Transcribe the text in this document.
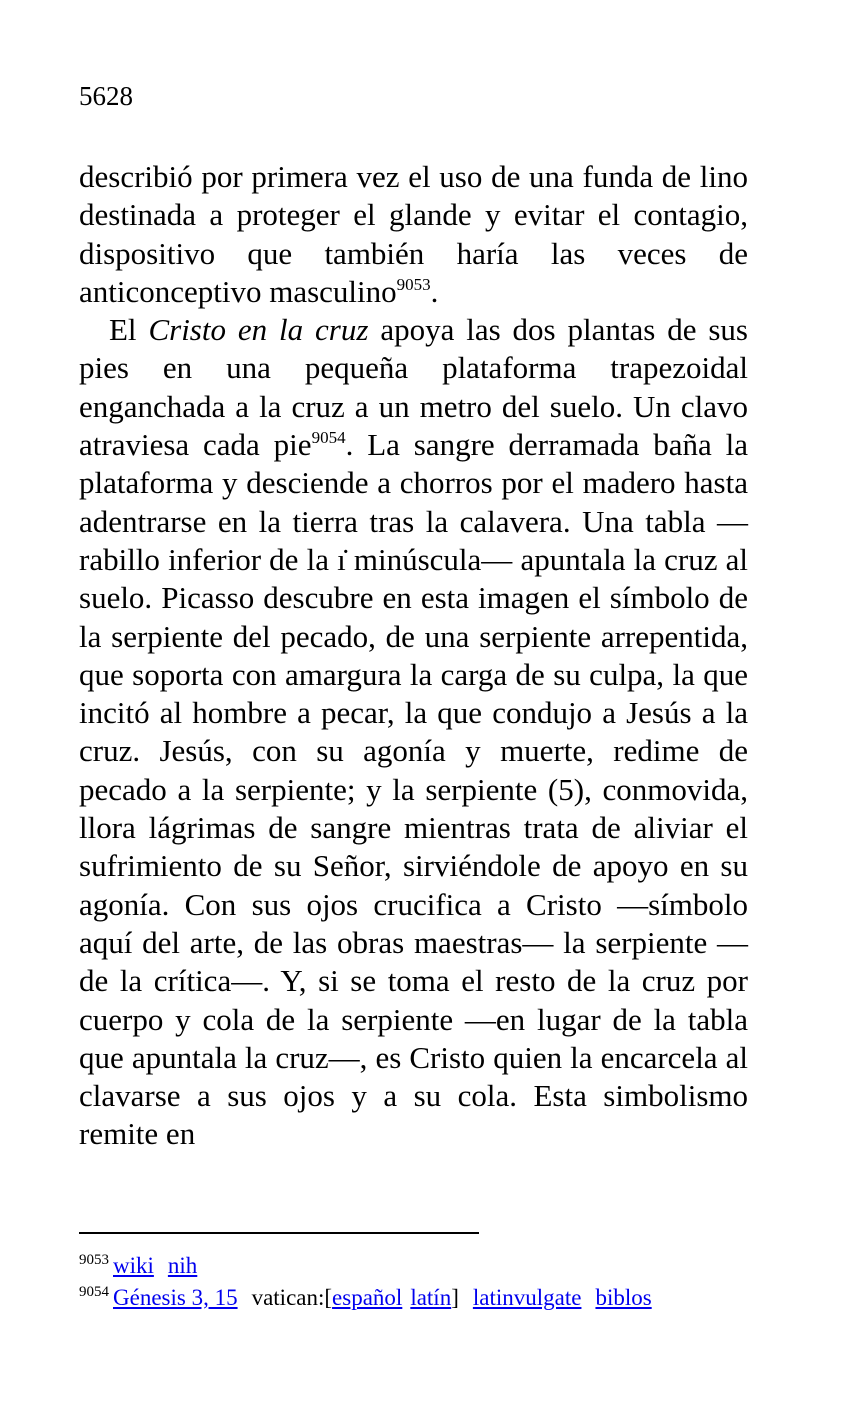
5628

describió por primera vez el uso de una funda de lino destinada a proteger el glande y evitar el contagio, dispositivo que también haría las veces de anticonceptivo masculino$^{9053}$.

El Cristo en la cruz apoya las dos plantas de sus pies en una pequeña plataforma trapezoidal enganchada a la cruz a un metro del suelo. Un clavo atraviesa cada pie$^{9054}$. La sangre derramada baña la plataforma y desciende a chorros por el madero hasta adentrarse en la tierra tras la calavera. Una tabla —rabillo inferior de la ı̇ minúscula— apuntala la cruz al suelo. Picasso descubre en esta imagen el símbolo de la serpiente del pecado, de una serpiente arrepentida, que soporta con amargura la carga de su culpa, la que incitó al hombre a pecar, la que condujo a Jesús a la cruz. Jesús, con su agonía y muerte, redime de pecado a la serpiente; y la serpiente (5), conmovida, llora lágrimas de sangre mientras trata de aliviar el sufrimiento de su Señor, sirviéndole de apoyo en su agonía. Con sus ojos crucifica a Cristo —símbolo aquí del arte, de las obras maestras— la serpiente —de la crítica—. Y, si se toma el resto de la cruz por cuerpo y cola de la serpiente —en lugar de la tabla que apuntala la cruz—, es Cristo quien la encarcela al clavarse a sus ojos y a su cola. Esta simbolismo remite en

$^{9053}$ wiki nih
$^{9054}$ Génesis 3, 15 vatican:[español latín] latinvulgate biblos
